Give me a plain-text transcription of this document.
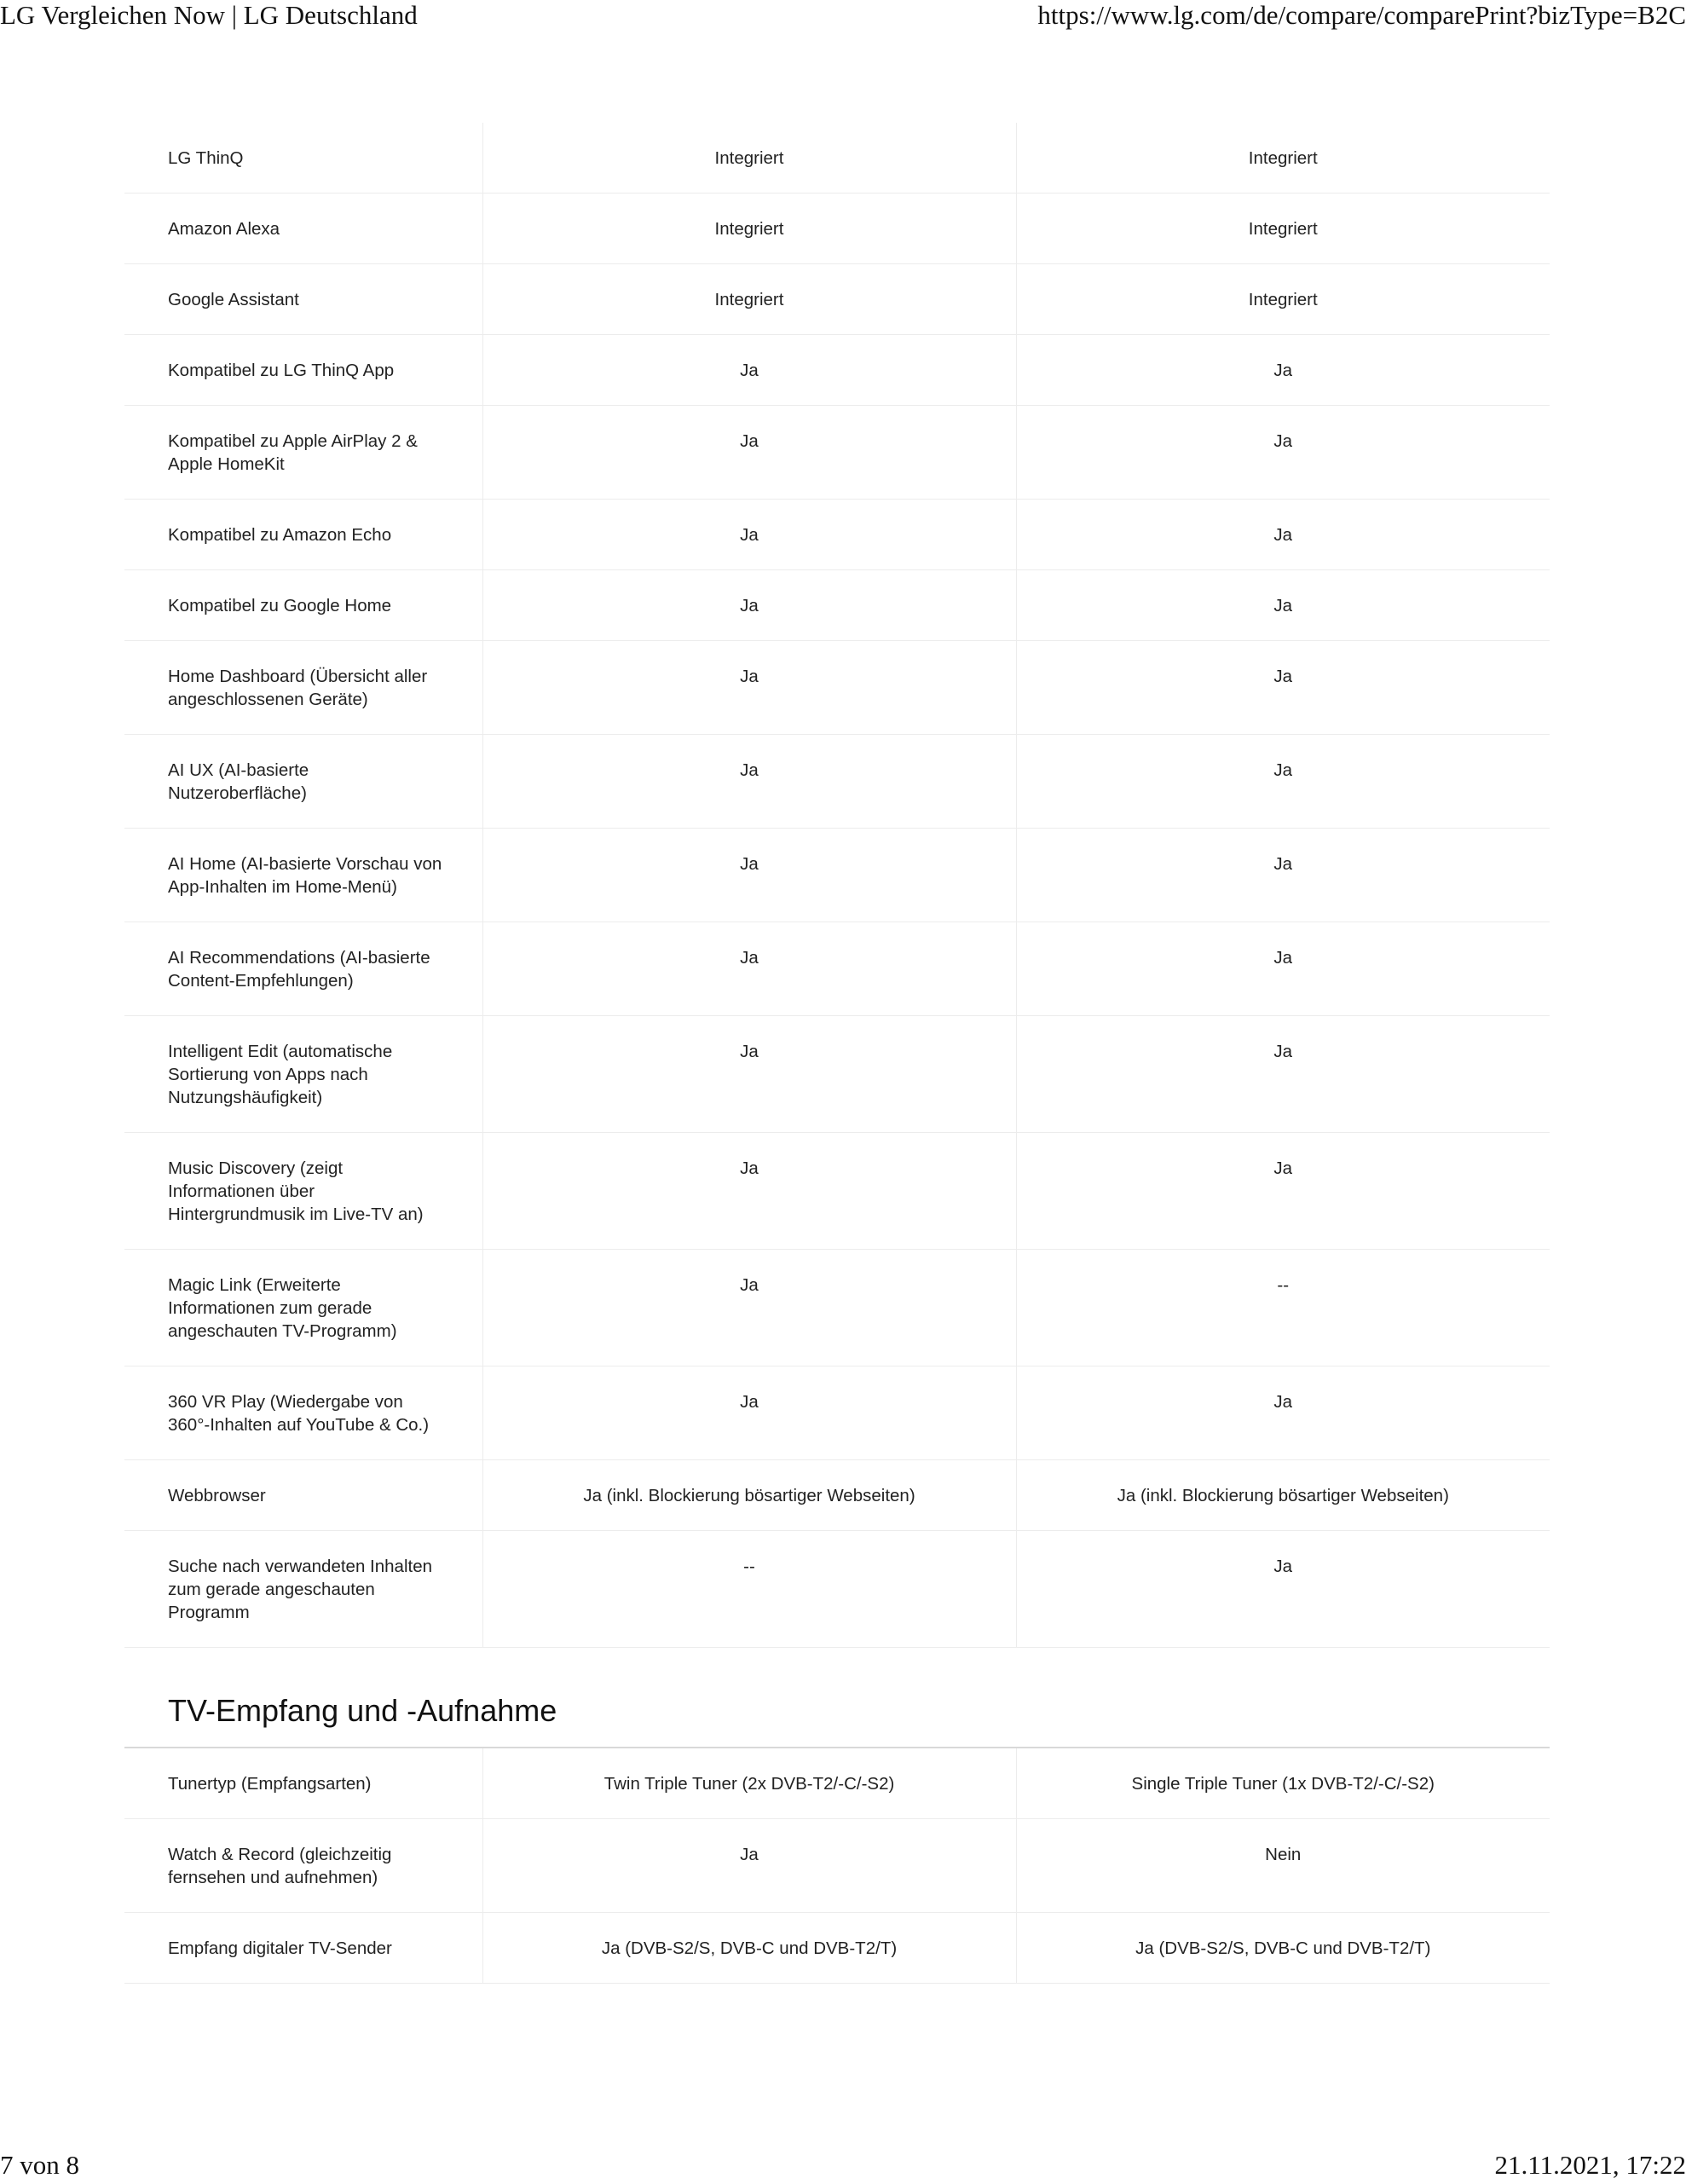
LG Vergleichen Now | LG Deutschland	https://www.lg.com/de/compare/comparePrint?bizType=B2C
LG ThinQ	Integriert	Integriert
Amazon Alexa	Integriert	Integriert
Google Assistant	Integriert	Integriert
Kompatibel zu LG ThinQ App	Ja	Ja
Kompatibel zu Apple AirPlay 2 & Apple HomeKit	Ja	Ja
Kompatibel zu Amazon Echo	Ja	Ja
Kompatibel zu Google Home	Ja	Ja
Home Dashboard (Übersicht aller angeschlossenen Geräte)	Ja	Ja
AI UX (AI-basierte Nutzeroberfläche)	Ja	Ja
AI Home (AI-basierte Vorschau von App-Inhalten im Home-Menü)	Ja	Ja
AI Recommendations (AI-basierte Content-Empfehlungen)	Ja	Ja
Intelligent Edit (automatische Sortierung von Apps nach Nutzungshäufigkeit)	Ja	Ja
Music Discovery (zeigt Informationen über Hintergrundmusik im Live-TV an)	Ja	Ja
Magic Link (Erweiterte Informationen zum gerade angeschauten TV-Programm)	Ja	--
360 VR Play (Wiedergabe von 360°-Inhalten auf YouTube & Co.)	Ja	Ja
Webbrowser	Ja (inkl. Blockierung bösartiger Webseiten)	Ja (inkl. Blockierung bösartiger Webseiten)
Suche nach verwandeten Inhalten zum gerade angeschauten Programm	--	Ja
TV-Empfang und -Aufnahme
Tunertyp (Empfangsarten)	Twin Triple Tuner (2x DVB-T2/-C/-S2)	Single Triple Tuner (1x DVB-T2/-C/-S2)
Watch & Record (gleichzeitig fernsehen und aufnehmen)	Ja	Nein
Empfang digitaler TV-Sender	Ja (DVB-S2/S, DVB-C und DVB-T2/T)	Ja (DVB-S2/S, DVB-C und DVB-T2/T)
7 von 8	21.11.2021, 17:22
